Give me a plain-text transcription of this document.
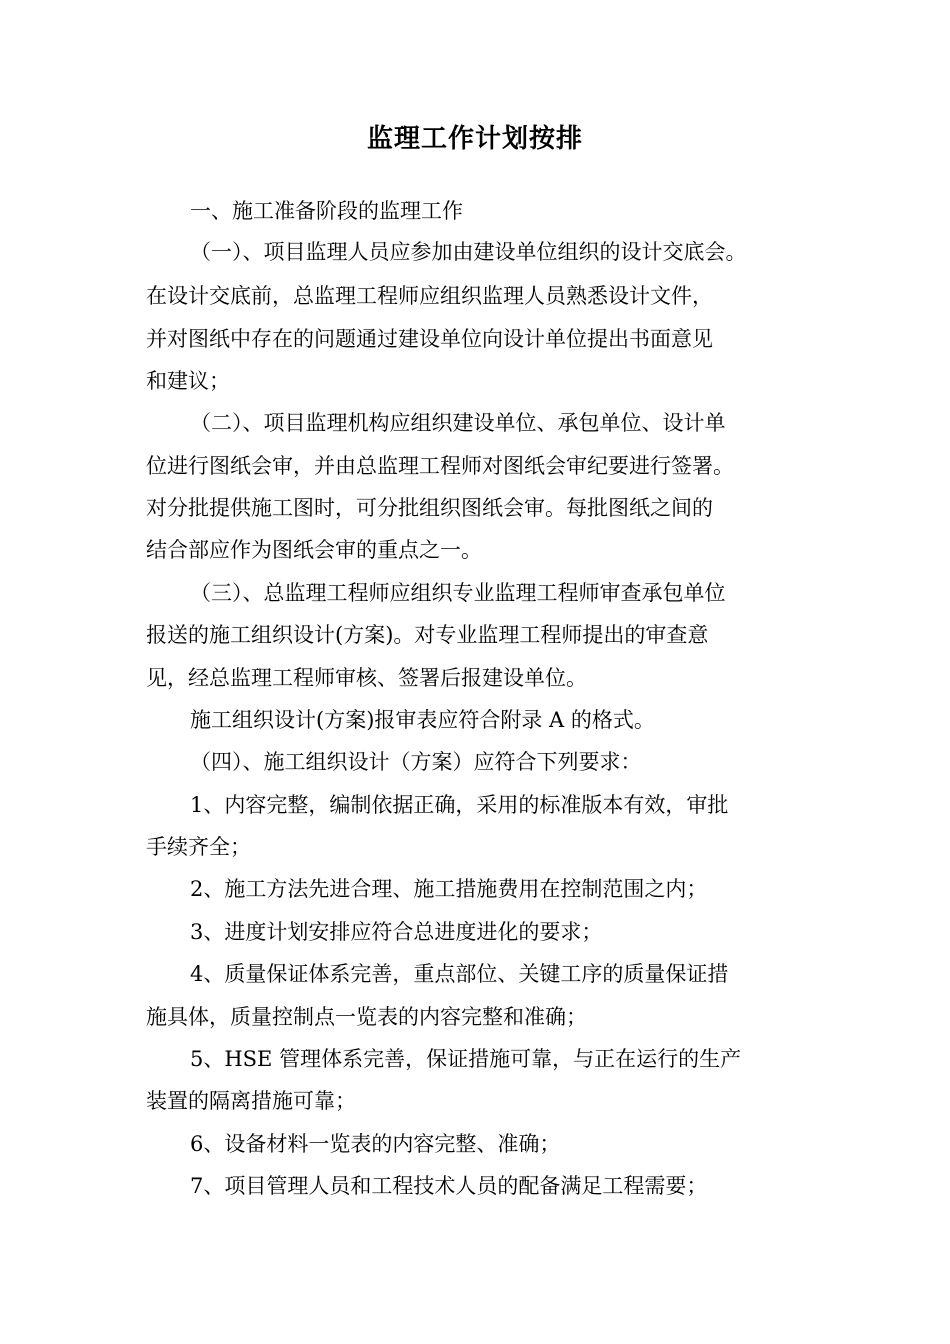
监理工作计划按排
一、施工准备阶段的监理工作
（一）、项目监理人员应参加由建设单位组织的设计交底会。
在设计交底前，总监理工程师应组织监理人员熟悉设计文件，
并对图纸中存在的问题通过建设单位向设计单位提出书面意见
和建议；
（二）、项目监理机构应组织建设单位、承包单位、设计单
位进行图纸会审，并由总监理工程师对图纸会审纪要进行签署。
对分批提供施工图时，可分批组织图纸会审。每批图纸之间的
结合部应作为图纸会审的重点之一。
（三）、总监理工程师应组织专业监理工程师审查承包单位
报送的施工组织设计(方案)。对专业监理工程师提出的审查意
见，经总监理工程师审核、签署后报建设单位。
施工组织设计(方案)报审表应符合附录 A 的格式。
（四）、施工组织设计（方案）应符合下列要求：
1、内容完整，编制依据正确，采用的标准版本有效，审批
手续齐全；
2、施工方法先进合理、施工措施费用在控制范围之内；
3、进度计划安排应符合总进度进化的要求；
4、质量保证体系完善，重点部位、关键工序的质量保证措
施具体，质量控制点一览表的内容完整和准确；
5、HSE 管理体系完善，保证措施可靠，与正在运行的生产
装置的隔离措施可靠；
6、设备材料一览表的内容完整、准确；
7、项目管理人员和工程技术人员的配备满足工程需要；
